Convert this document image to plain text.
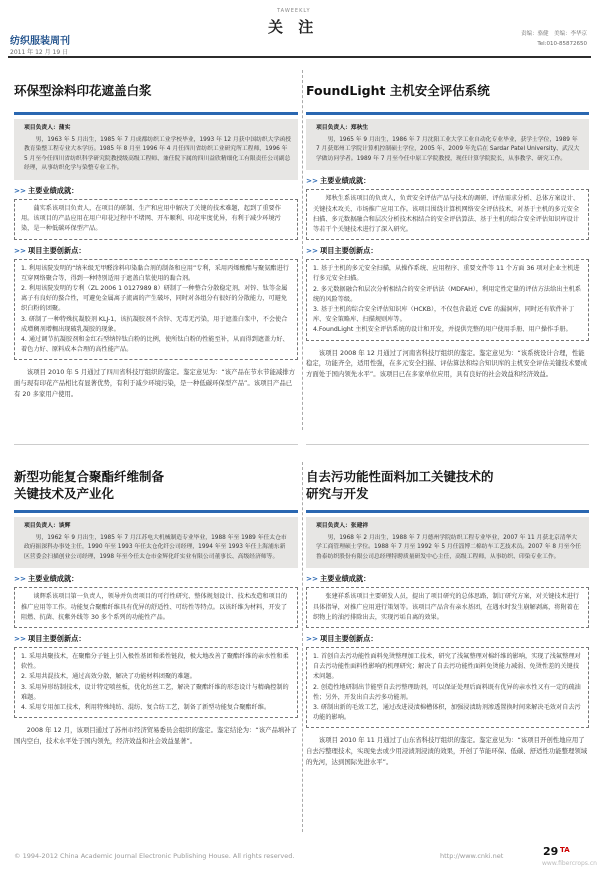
纺织服装周刊
2011 年 12 月 19 日
TAWEEKLY
关 注	责编：骆健　美编：李华京
Tel:010-85872650
环保型涂料印花遮盖白浆
项目负责人：蒲实

男，1963 年 5 月出生，1985 年 7 月成都纺织工业学校毕业，1993 年 12 月获中国纺织大学函授教育染整工程专业大本学历。1985 年 8 月至 1996 年 4 月任四川省纺织工业研究所工程师，1996 年 5 月至今任四川省纺织科学研究院教授级高级工程师、兼任院下属的四川益欣精细化工有限责任公司副总经理，从事纺织化学与染整专业工作。

>> 主要业绩成就：

蒲实系该项目负责人，在项目的研制、生产和应用中解决了关键的技术难题，起到了重要作用。该项目的产品应用在用户印花过程中不堵网、开车顺利、印花牢度优异，有利于减少环境污染，是一种低碳环保型产品。

>> 项目主要创新点：

1. 利用该院发明的“纳米级无甲醛涂料印染黏合剂的制备和应用”专利，采用丙烯酸酯与聚氨酯进行互穿网络聚合等，得到一种特别适用于遮盖白浆使用的黏合剂。

2. 利用该院发明的专利（ZL 2006 1 0127989 8）研制了一种整合分散稳定剂，对锌、钛等金属离子有良好的螯合性，可避免金属离子流离的产生破坏，同时对各组分有很好的分散能力，可避免织白粉的团聚。

3. 研制了一种特殊抗凝胶剂 KLJ-1，该抗凝胶剂不含锌、无毒无污染，用于遮盖白浆中，不会使合成增稠剂增稠出现破乳凝胶的现象。

4. 通过调节抗凝胶剂和金红石型纳锌钛白粉的比例，使所钛白粉的性能至补，从而得到遮盖力好、着色力好、原料成本合理的高性能产品。

该项目 2010 年 5 月通过了四川省科技厅组织的鉴定。鉴定意见为：“该产品在节水节能减排方面与现有印花产品相比有显著优势，有利于减少环境污染，是一种低碳环保型产品”。该项目产品已有 20 多家用户使用。
FoundLight 主机安全评估系统
项目负责人：郑秋生

男，1965 年 9 月出生，1986 年 7 月沈阳工业大学工业自动化专业毕业，获学士学位，1989 年 7 月获郑州工学院计算机控制硕士学位，2005 年、2009 年先后在 Sardar Patel University、武汉大学做访问学者。1989 年 7 月至今任中原工学院教授，现任计算学院院长，从事教学、研究工作。

>> 主要业绩成就：

郑秋生系该项目的负责人，负责安全评估产品与技术的调研、评估需求分析、总体方案设计、关键技术攻关、市场推广应用工作。该项目围绕计算机网络安全评估技术，对基于主机的多元安全扫描、多元数据融合和层次分析技术相结合的安全评估算法、基于主机的综合安全评估知识库设计等若干个关键技术进行了深入研究。

>> 项目主要创新点：

1. 基于主机的多元安全扫描，从操作系统、应用程序、重要文件等 11 个方面 36 项对企业主机进行多元安全扫描。

2. 多元数据融合和层次分析相结合的安全评估法（MDFAH），利用定性定量的评估方法给出主机系统的风险等级。

3. 基于主机的综合安全评估知识库（HCKB），不仅包含最近 CVE 的漏洞库，同时还有软件补丁库、安全策略库、扫描规则库等。

4.FoundLight 主机安全评估系统的设计和开发，并提供完整的用户使用手册、用户操作手册。

该项目 2008 年 12 月通过了河南省科技厅组织的鉴定。鉴定意见为：“该系统设计合理，性能稳定，功能齐全，适用性强，在多元安全扫描、评估算法和综合知识库的主机安全评估关键技术要成方面处于国内领先水平”。该项目已在多家单位应用，具有良好的社会效益和经济效益。
新型功能复合聚酯纤维制备
关键技术及产业化
项目负责人：谈辉

男，1962 年 9 月出生，1985 年 7 月江苏电大机械制造专业毕业，1988 年至 1989 年任太仓市政府振深科办事处主任，1990 年至 1993 年任太仓化纤公司经理，1994 年至 1993 年任上海浦东新区营委会扫描创业公司经理，1998 年至今任太仓市金辉化纤实业有限公司董事长、高级经济师等。

>> 主要业绩成就：

谈辉系该项目第一负责人，领导并负责项目的可行性研究、整体规划设计、技术改造和项目的推广应用等工作。功能复合聚酯纤维具有优异的舒适性、可纺性等特点。以该纤维为材料，开发了阻燃、抗菌、抗紫外线等 30 多个系列的功能性产品。

>> 项目主要创新点：

1. 采用共聚技术，在聚酯分子链上引入极性基团和柔性链段，极大地改善了聚酯纤维的亲水性和柔软性。

2. 采用共混技术，通过高效分散，解决了功能材料团聚的难题。

3. 采用异形纺制技术，设计特定喷丝板，优化纺丝工艺，解决了聚酯纤维的形态设计与精确控制的难题。

4. 采用专用加工技术，利用特殊纯纺、混纺、复合纺工艺，制备了新型功能复合聚酯纤维。

2008 年 12 月，该项目通过了苏州市经济贸易委员会组织的鉴定。鉴定结论为：“该产品填补了国内空白，技术水平处于国内领先，经济效益和社会效益显著”。
自去污功能性面料加工关键技术的
研究与开发
项目负责人：张建祥

男，1968 年 2 月出生，1988 年 7 月德州学院纺织工程专业毕业，2007 年 11 月获北京清华大学工商管理硕士学位。1988 年 7 月至 1992 年 5 月任淄博二棉纺车工艺技术员。2007 年 8 月至今任鲁泰纺织股份有限公司总经理特聘质量研发中心主任，高级工程师，从事纺织、印染专业工作。

>> 主要业绩成就：

张建祥系该项目主要研发人员，提出了项目研究的总体思路，制订研究方案，对关键技术进行具体指导，对推广应用进行策划等。该项目产品含有亲水基团，在遇水时发生崩解剥离，将附着在织物上的油污排除出去，实现污垢自离的效果。

>> 项目主要创新点：

1. 首创自去污功能性面料免烫整理加工技术，研究了浅氟整理对棉纤维的影响，实现了浅氟整理对自去污功能性面料性影响的机理研究；解决了自去污功能性面料免烫能力减弱、免烫性差的关键技术问题。

2. 创造性地研制出节能型自去污整理助剂，可以保证处理后面料既有优异的亲水性又有一定的疏油性；另外，开发出自去污多功能剂。

3. 研制出新的毛效工艺，通过改进浸渍棉槽体积，加强浸渍助剂渗透置换时间来解决毛效对自去污功能的影响。

该项目 2010 年 11 月通过了山东省科技厅组织的鉴定。鉴定意见为：“该项目开创性地应用了自去污整理技术，实现免去或少用浸渍剂浸渍的效果，开创了节能环保、低碳、舒适性功能整理领域的先河，达到国际先进水平”。
© 1994-2012 China Academic Journal Electronic Publishing House. All rights reserved.	http://www.cnki.net	29 TA
www.fibercrops.cn
